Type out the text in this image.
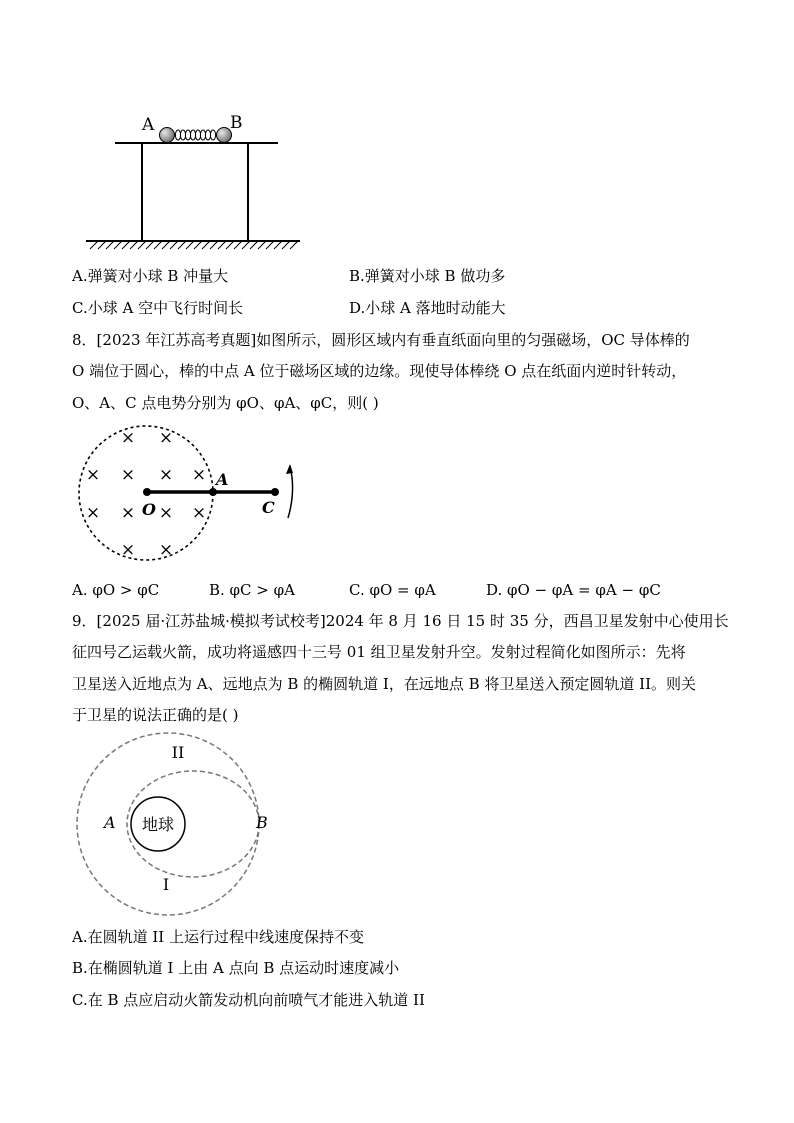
A	B
A.弹簧对小球 B 冲量大	B.弹簧对小球 B 做功多
C.小球 A 空中飞行时间长	D.小球 A 落地时动能大
8．[2023 年江苏高考真题]如图所示，圆形区域内有垂直纸面向里的匀强磁场，OC 导体棒的
O 端位于圆心，棒的中点 A 位于磁场区域的边缘。现使导体棒绕 O 点在纸面内逆时针转动，
O、A、C 点电势分别为 φO、φA、φC，则( )
× ×
× × × ×
× × × ×
× ×
O
A
C
A. φO > φC	B. φC > φA	C. φO = φA	D. φO − φA = φA − φC
9．[2025 届·江苏盐城·模拟考试校考]2024 年 8 月 16 日 15 时 35 分，西昌卫星发射中心使用长
征四号乙运载火箭，成功将遥感四十三号 01 组卫星发射升空。发射过程简化如图所示：先将
卫星送入近地点为 A、远地点为 B 的椭圆轨道 I，在远地点 B 将卫星送入预定圆轨道 II。则关
于卫星的说法正确的是( )
地球
II
I
A	B
A.在圆轨道 II 上运行过程中线速度保持不变
B.在椭圆轨道 I 上由 A 点向 B 点运动时速度减小
C.在 B 点应启动火箭发动机向前喷气才能进入轨道 II
